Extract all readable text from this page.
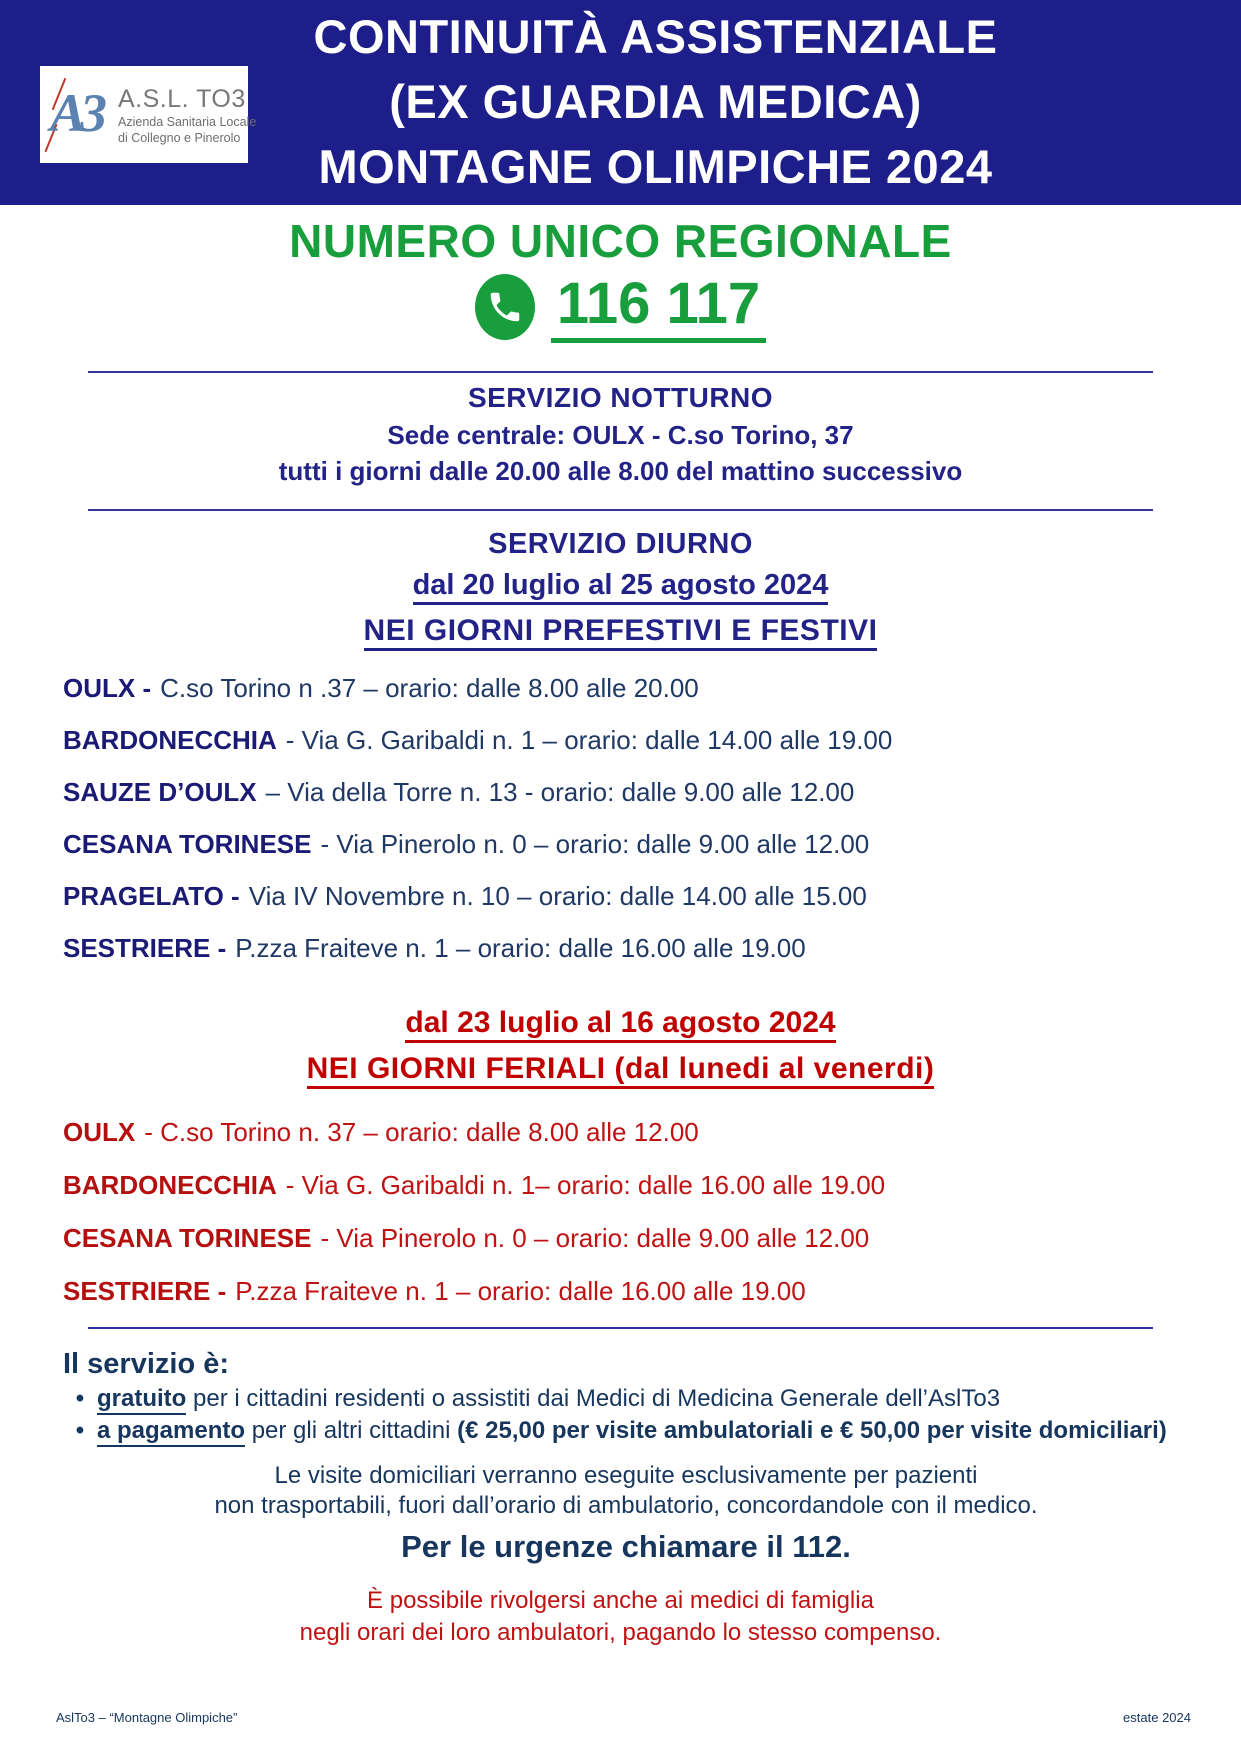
A3 A.S.L. TO3
Azienda Sanitaria Locale
di Collegno e Pinerolo
CONTINUITÀ ASSISTENZIALE
(EX GUARDIA MEDICA)
MONTAGNE OLIMPICHE 2024
NUMERO UNICO REGIONALE
116 117
SERVIZIO NOTTURNO
Sede centrale: OULX - C.so Torino, 37
tutti i giorni dalle 20.00 alle 8.00 del mattino successivo
SERVIZIO DIURNO
dal 20 luglio al 25 agosto 2024
NEI GIORNI PREFESTIVI E FESTIVI
OULX - C.so Torino n .37 – orario: dalle 8.00 alle 20.00
BARDONECCHIA - Via G. Garibaldi n. 1 – orario: dalle 14.00 alle 19.00
SAUZE D’OULX – Via della Torre n. 13 - orario: dalle 9.00 alle 12.00
CESANA TORINESE - Via Pinerolo n. 0 – orario: dalle 9.00 alle 12.00
PRAGELATO - Via IV Novembre n. 10 – orario: dalle 14.00 alle 15.00
SESTRIERE - P.zza Fraiteve n. 1 – orario: dalle 16.00 alle 19.00
dal 23 luglio al 16 agosto 2024
NEI GIORNI FERIALI (dal lunedi al venerdi)
OULX - C.so Torino n. 37 – orario: dalle 8.00 alle 12.00
BARDONECCHIA - Via G. Garibaldi n. 1– orario: dalle 16.00 alle 19.00
CESANA TORINESE - Via Pinerolo n. 0 – orario: dalle 9.00 alle 12.00
SESTRIERE - P.zza Fraiteve n. 1 – orario: dalle 16.00 alle 19.00
Il servizio è:
• gratuito per i cittadini residenti o assistiti dai Medici di Medicina Generale dell’AslTo3
• a pagamento per gli altri cittadini (€ 25,00 per visite ambulatoriali e € 50,00 per visite domiciliari)
Le visite domiciliari verranno eseguite esclusivamente per pazienti
non trasportabili, fuori dall’orario di ambulatorio, concordandole con il medico.
Per le urgenze chiamare il 112.
È possibile rivolgersi anche ai medici di famiglia
negli orari dei loro ambulatori, pagando lo stesso compenso.
AslTo3 – “Montagne Olimpiche”	estate 2024
